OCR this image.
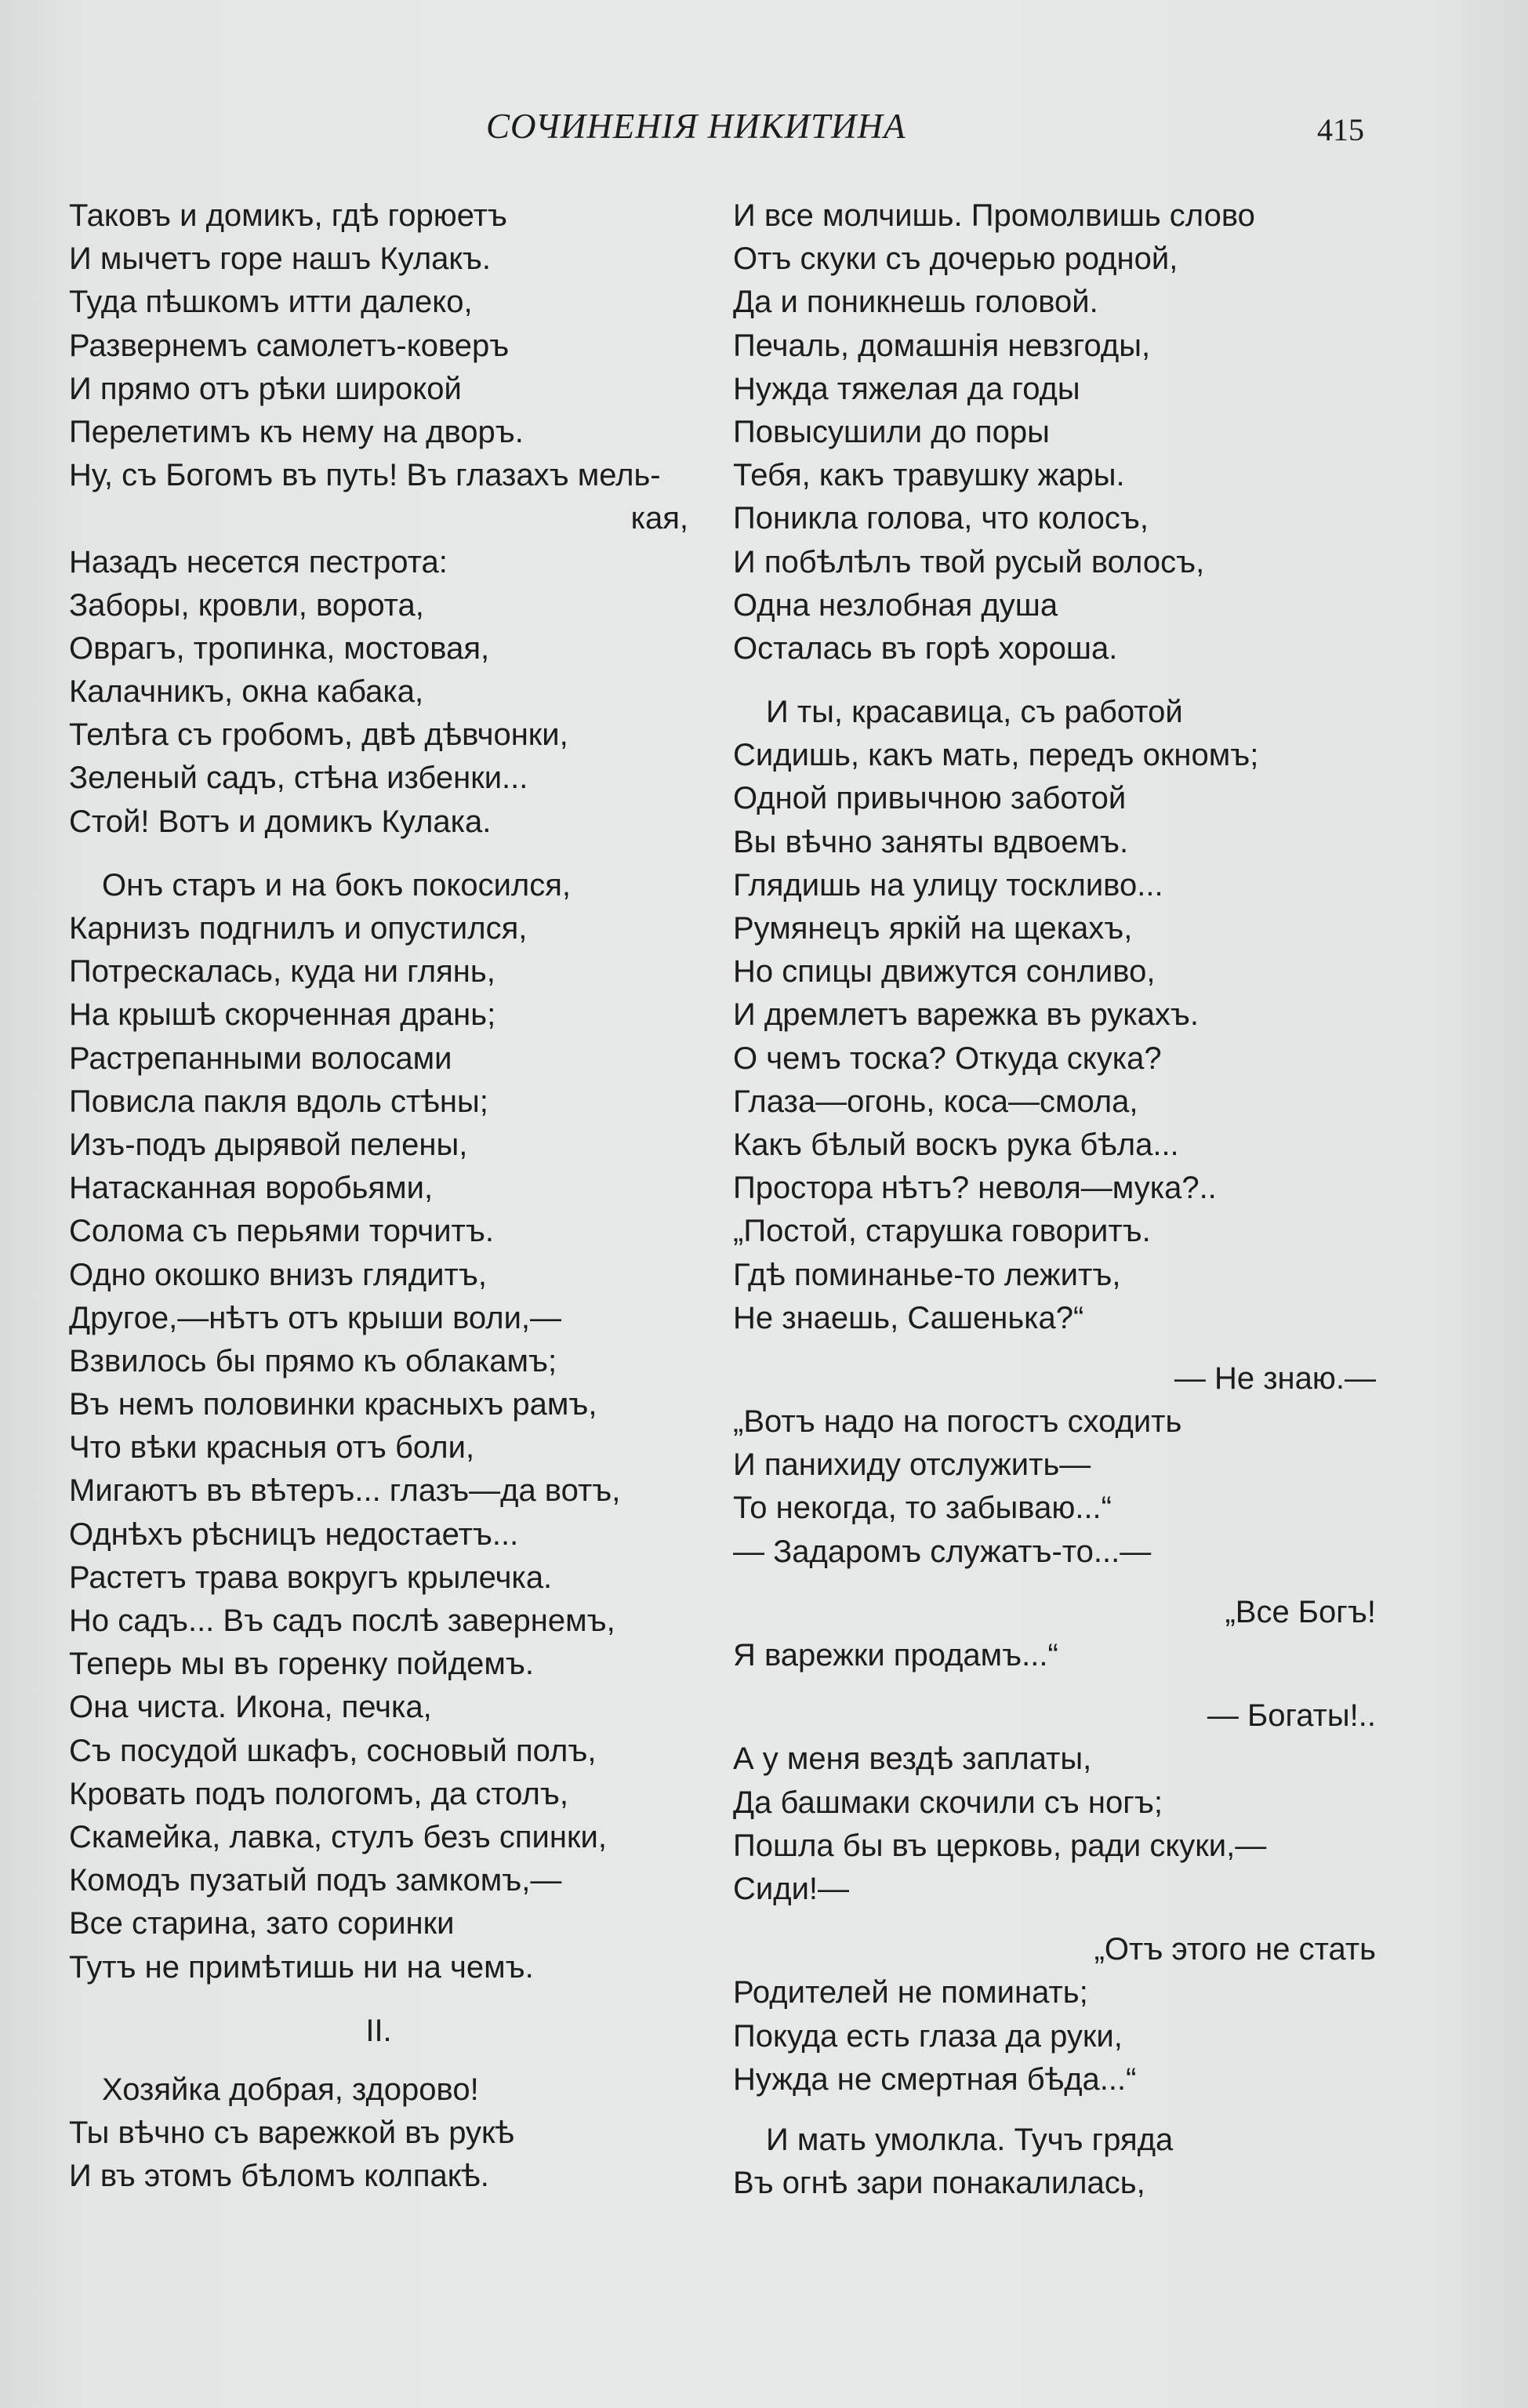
СОЧИНЕНІЯ НИКИТИНА	415
Таковъ и домикъ, гдѣ горюетъ
И мычетъ горе нашъ Кулакъ.
Туда пѣшкомъ итти далеко,
Развернемъ самолетъ-коверъ
И прямо отъ рѣки широкой
Перелетимъ къ нему на дворъ.
Ну, съ Богомъ въ путь! Въ глазахъ мель-
кая,
Назадъ несется пестрота:
Заборы, кровли, ворота,
Оврагъ, тропинка, мостовая,
Калачникъ, окна кабака,
Телѣга съ гробомъ, двѣ дѣвчонки,
Зеленый садъ, стѣна избенки...
Стой! Вотъ и домикъ Кулака.
Онъ старъ и на бокъ покосился,
Карнизъ подгнилъ и опустился,
Потрескалась, куда ни глянь,
На крышѣ скорченная дрань;
Растрепанными волосами
Повисла пакля вдоль стѣны;
Изъ-подъ дырявой пелены,
Натасканная воробьями,
Солома съ перьями торчитъ.
Одно окошко внизъ глядитъ,
Другое,—нѣтъ отъ крыши воли,—
Взвилось бы прямо къ облакамъ;
Въ немъ половинки красныхъ рамъ,
Что вѣки красныя отъ боли,
Мигаютъ въ вѣтеръ... глазъ—да вотъ,
Однѣхъ рѣсницъ недостаетъ...
Растетъ трава вокругъ крылечка.
Но садъ... Въ садъ послѣ завернемъ,
Теперь мы въ горенку пойдемъ.
Она чиста. Икона, печка,
Съ посудой шкафъ, сосновый полъ,
Кровать подъ пологомъ, да столъ,
Скамейка, лавка, стулъ безъ спинки,
Комодъ пузатый подъ замкомъ,—
Все старина, зато соринки
Тутъ не примѣтишь ни на чемъ.
II.
Хозяйка добрая, здорово!
Ты вѣчно съ варежкой въ рукѣ
И въ этомъ бѣломъ колпакѣ.
И все молчишь. Промолвишь слово
Отъ скуки съ дочерью родной,
Да и поникнешь головой.
Печаль, домашнія невзгоды,
Нужда тяжелая да годы
Повысушили до поры
Тебя, какъ травушку жары.
Поникла голова, что колосъ,
И побѣлѣлъ твой русый волосъ,
Одна незлобная душа
Осталась въ горѣ хороша.
И ты, красавица, съ работой
Сидишь, какъ мать, передъ окномъ;
Одной привычною заботой
Вы вѣчно заняты вдвоемъ.
Глядишь на улицу тоскливо...
Румянецъ яркій на щекахъ,
Но спицы движутся сонливо,
И дремлетъ варежка въ рукахъ.
О чемъ тоска? Откуда скука?
Глаза—огонь, коса—смола,
Какъ бѣлый воскъ рука бѣла...
Простора нѣтъ? неволя—мука?..
„Постой, старушка говоритъ.
Гдѣ поминанье-то лежитъ,
Не знаешь, Сашенька?“
— Не знаю.—
„Вотъ надо на погостъ сходить
И панихиду отслужить—
То некогда, то забываю...“
— Задаромъ служатъ-то...—
„Все Богъ!
Я варежки продамъ...“
— Богаты!..
А у меня вездѣ заплаты,
Да башмаки скочили съ ногъ;
Пошла бы въ церковь, ради скуки,—
Сиди!—
„Отъ этого не стать
Родителей не поминать;
Покуда есть глаза да руки,
Нужда не смертная бѣда...“
И мать умолкла. Тучъ гряда
Въ огнѣ зари понакалилась,
